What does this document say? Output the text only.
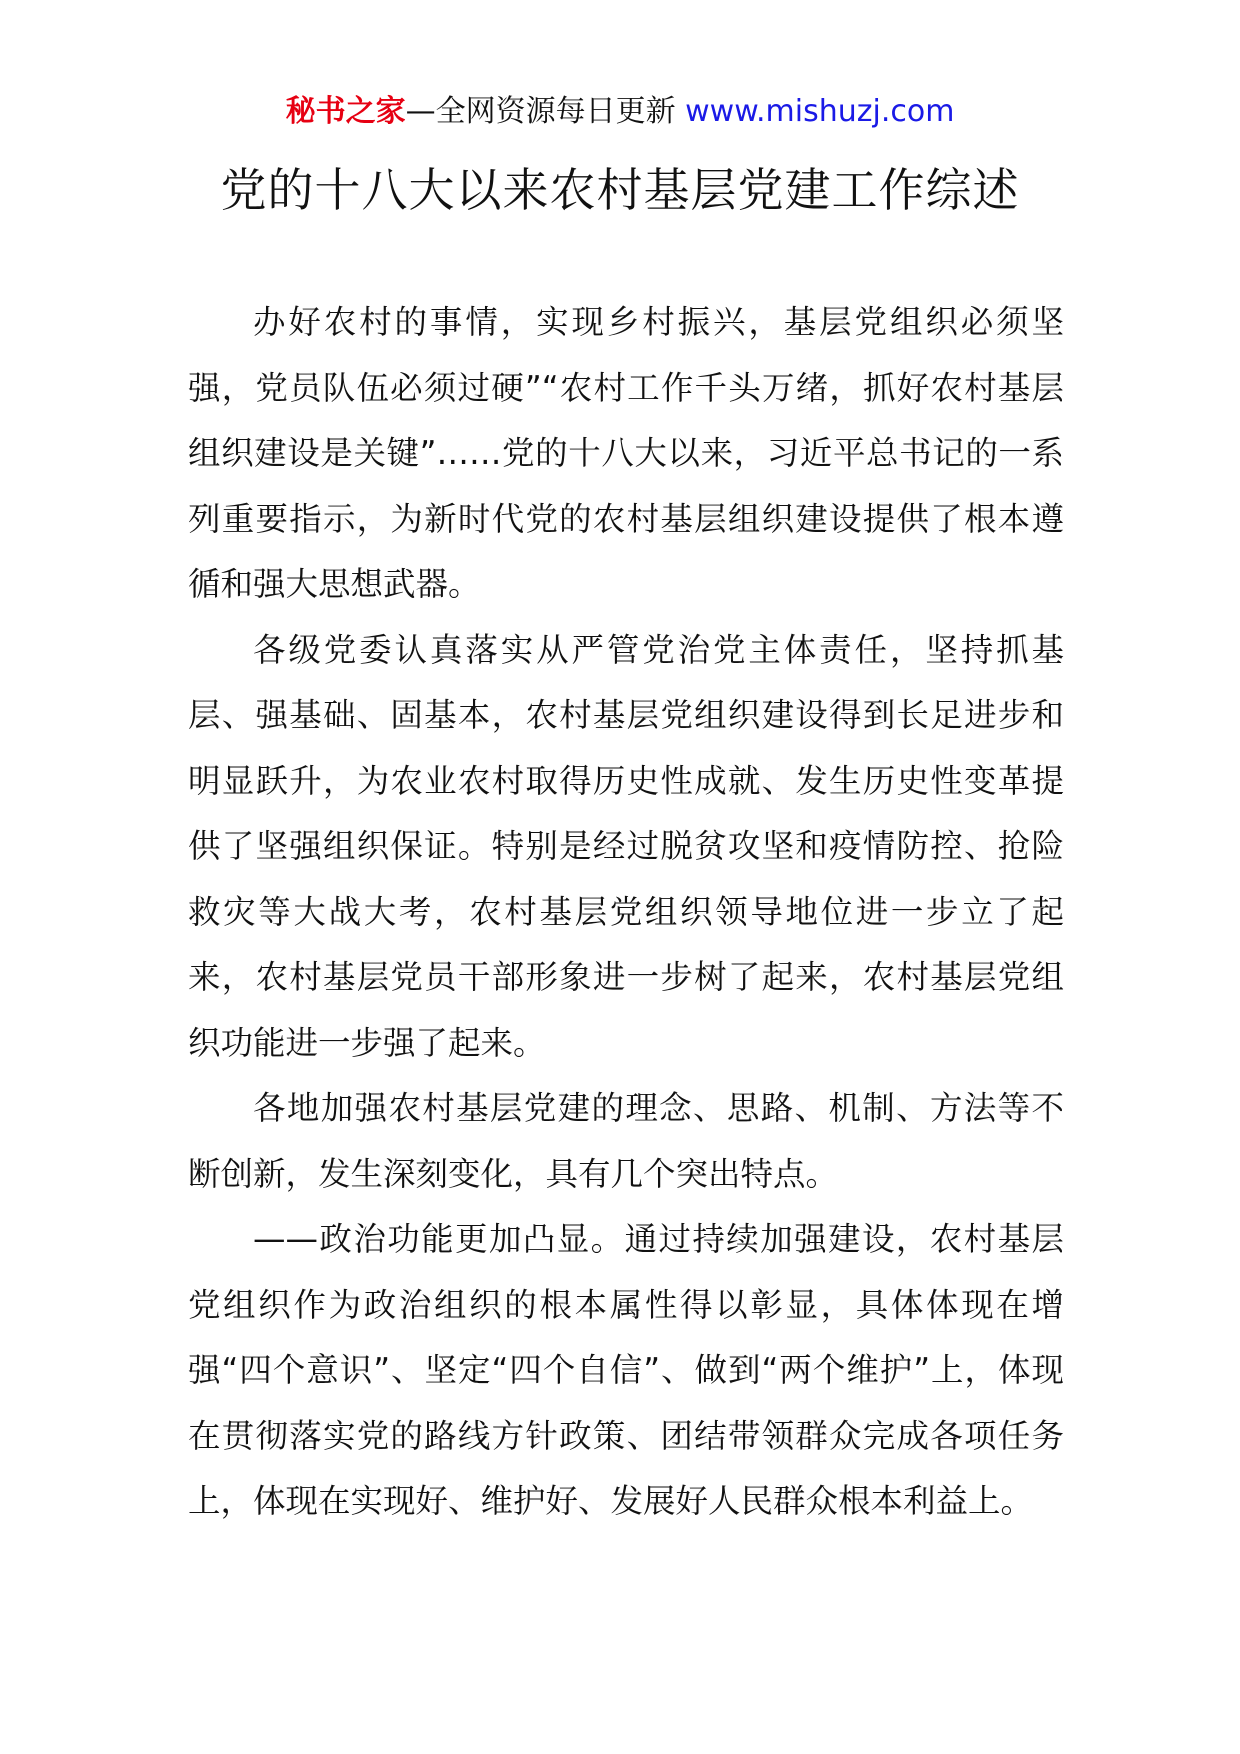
秘书之家—全网资源每日更新 www.mishuzj.com
党的十八大以来农村基层党建工作综述

办好农村的事情，实现乡村振兴，基层党组织必须坚强，党员队伍必须过硬”“农村工作千头万绪，抓好农村基层组织建设是关键”……党的十八大以来，习近平总书记的一系列重要指示，为新时代党的农村基层组织建设提供了根本遵循和强大思想武器。

各级党委认真落实从严管党治党主体责任，坚持抓基层、强基础、固基本，农村基层党组织建设得到长足进步和明显跃升，为农业农村取得历史性成就、发生历史性变革提供了坚强组织保证。特别是经过脱贫攻坚和疫情防控、抢险救灾等大战大考，农村基层党组织领导地位进一步立了起来，农村基层党员干部形象进一步树了起来，农村基层党组织功能进一步强了起来。

各地加强农村基层党建的理念、思路、机制、方法等不断创新，发生深刻变化，具有几个突出特点。

——政治功能更加凸显。通过持续加强建设，农村基层党组织作为政治组织的根本属性得以彰显，具体体现在增强“四个意识”、坚定“四个自信”、做到“两个维护”上，体现在贯彻落实党的路线方针政策、团结带领群众完成各项任务上，体现在实现好、维护好、发展好人民群众根本利益上。
